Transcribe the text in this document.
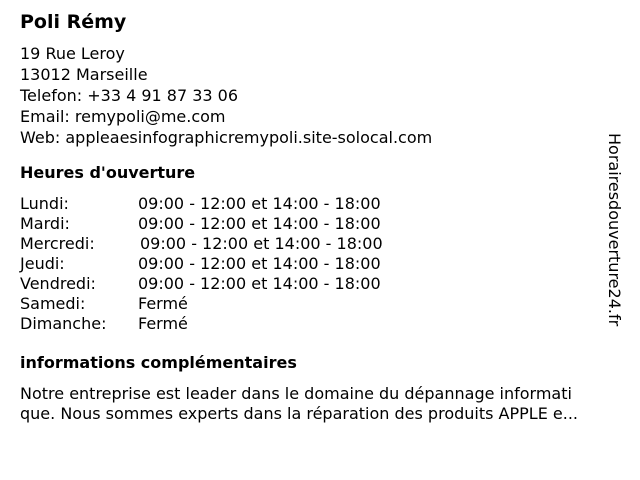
Poli Rémy
19 Rue Leroy
13012 Marseille
Telefon: +33 4 91 87 33 06
Email: remypoli@me.com
Web: appleaesinfographicremypoli.site-solocal.com
Heures d'ouverture
Lundi:	09:00 - 12:00 et 14:00 - 18:00
Mardi:	09:00 - 12:00 et 14:00 - 18:00
Mercredi:	09:00 - 12:00 et 14:00 - 18:00
Jeudi:	09:00 - 12:00 et 14:00 - 18:00
Vendredi:	09:00 - 12:00 et 14:00 - 18:00
Samedi:	Fermé
Dimanche: Fermé
informations complémentaires
Notre entreprise est leader dans le domaine du dépannage informati
que. Nous sommes experts dans la réparation des produits APPLE e...
Horairesdouverture24.fr
